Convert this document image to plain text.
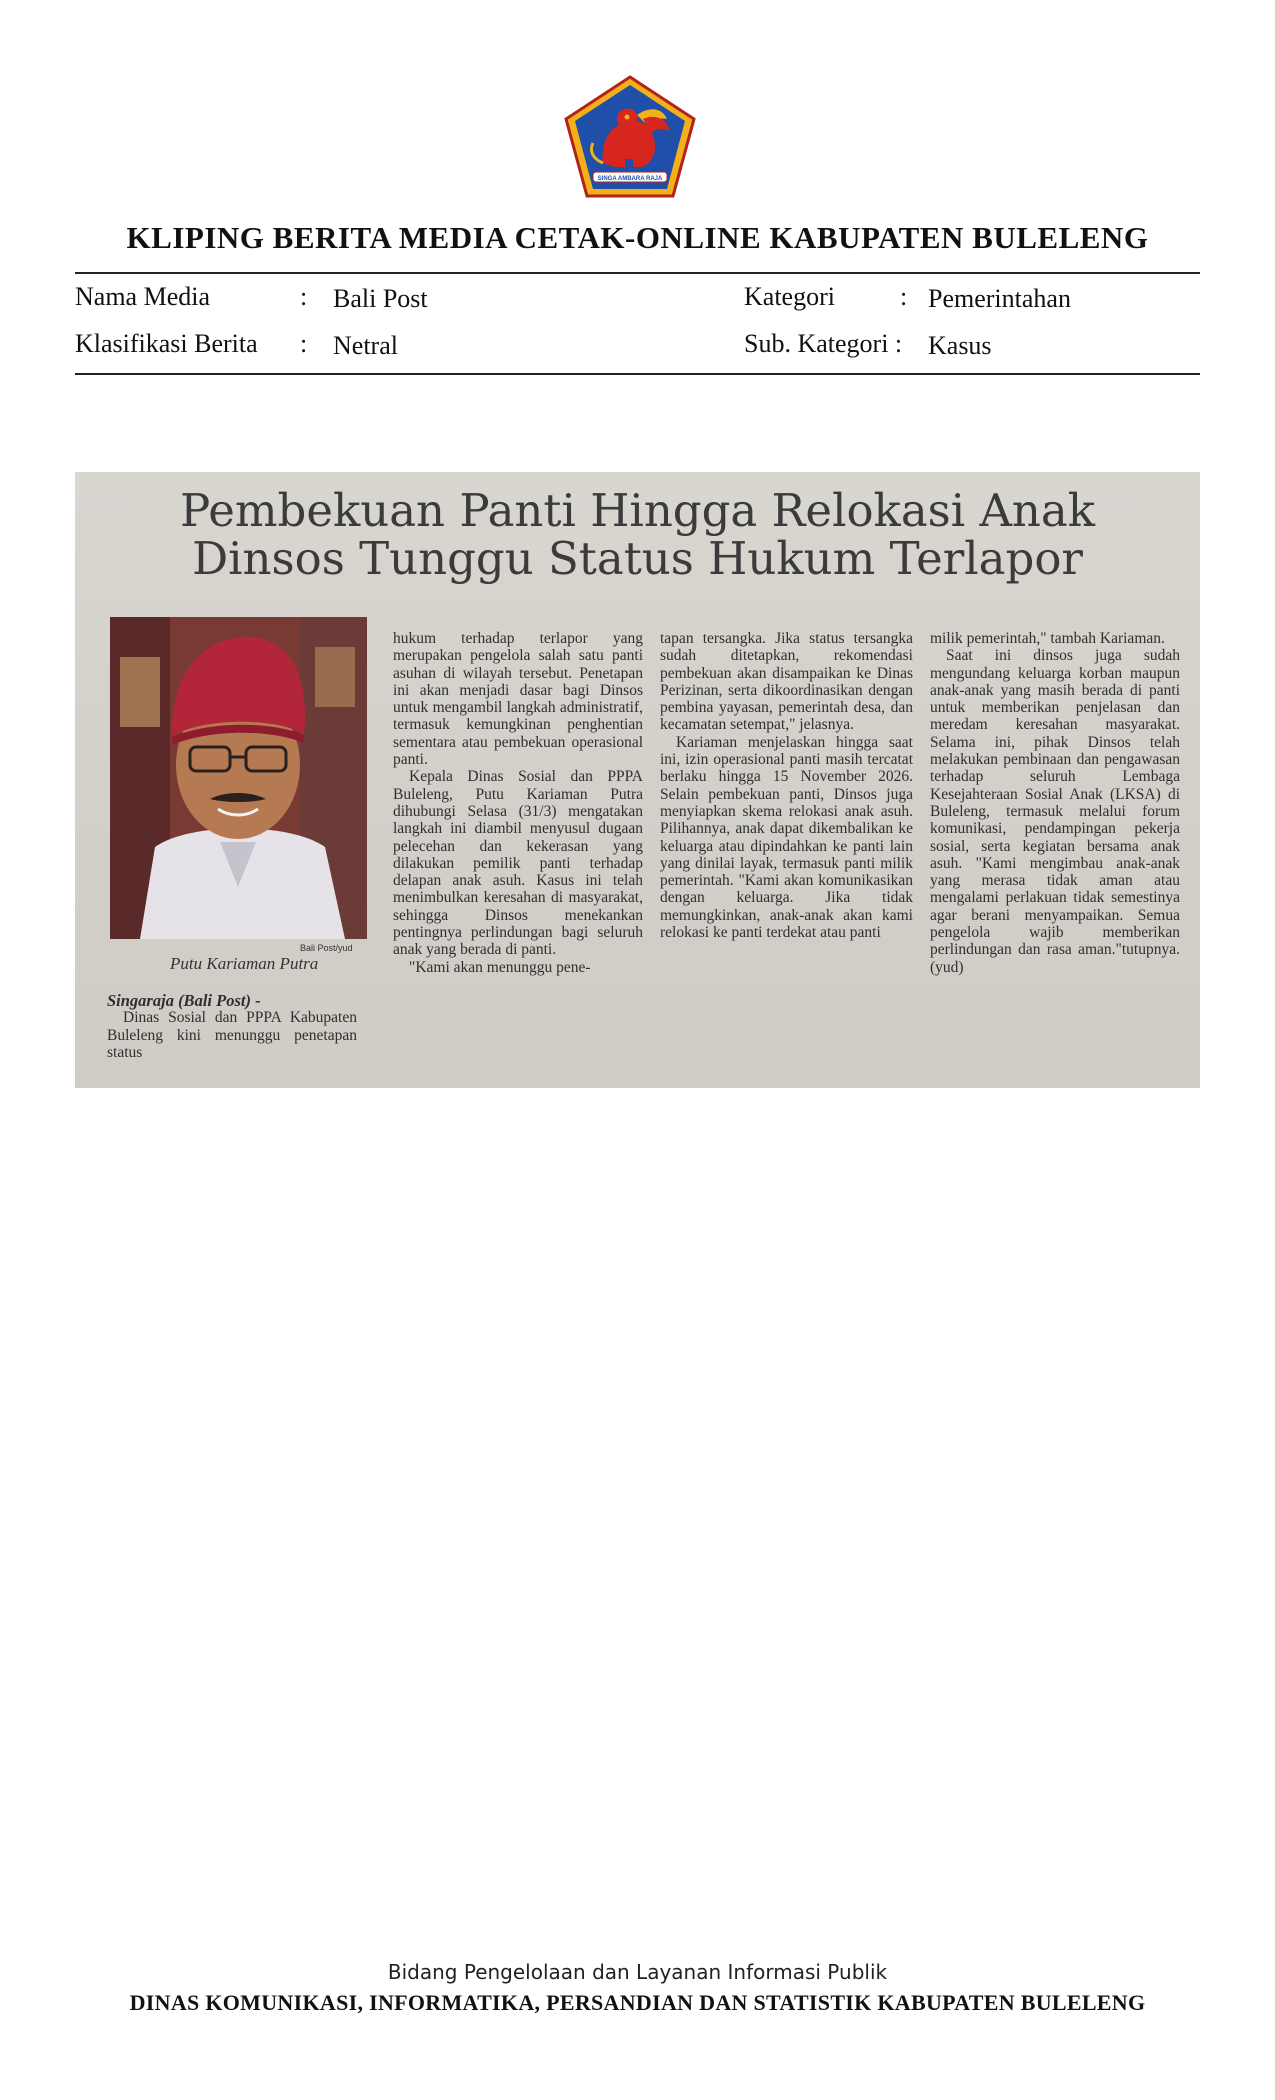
SINGA AMBARA RAJA
KLIPING BERITA MEDIA CETAK-ONLINE KABUPATEN BULELENG
Nama Media	: Bali Post
Klasifikasi Berita : Netral
Kategori	: Pemerintahan
Sub. Kategori : Kasus
Pembekuan Panti Hingga Relokasi Anak
Dinsos Tunggu Status Hukum Terlapor
Bali Post/yud
Putu Kariaman Putra

Singaraja (Bali Post) -

Dinas Sosial dan PPPA Kabupaten Buleleng kini menunggu penetapan status

hukum terhadap terlapor yang merupakan pengelola salah satu panti asuhan di wilayah tersebut. Penetapan ini akan menjadi dasar bagi Dinsos untuk mengambil langkah administratif, termasuk kemungkinan penghentian sementara atau pembekuan operasional panti.

Kepala Dinas Sosial dan PPPA Buleleng, Putu Kariaman Putra dihubungi Selasa (31/3) mengatakan langkah ini diambil menyusul dugaan pelecehan dan kekerasan yang dilakukan pemilik panti terhadap delapan anak asuh. Kasus ini telah menimbulkan keresahan di masyarakat, sehingga Dinsos menekankan pentingnya perlindungan bagi seluruh anak yang berada di panti.

"Kami akan menunggu pene-

tapan tersangka. Jika status tersangka sudah ditetapkan, rekomendasi pembekuan akan disampaikan ke Dinas Perizinan, serta dikoordinasikan dengan pembina yayasan, pemerintah desa, dan kecamatan setempat," jelasnya.

Kariaman menjelaskan hingga saat ini, izin operasional panti masih tercatat berlaku hingga 15 November 2026. Selain pembekuan panti, Dinsos juga menyiapkan skema relokasi anak asuh. Pilihannya, anak dapat dikembalikan ke keluarga atau dipindahkan ke panti lain yang dinilai layak, termasuk panti milik pemerintah. "Kami akan komunikasikan dengan keluarga. Jika tidak memungkinkan, anak-anak akan kami relokasi ke panti terdekat atau panti

milik pemerintah," tambah Kariaman.

Saat ini dinsos juga sudah mengundang keluarga korban maupun anak-anak yang masih berada di panti untuk memberikan penjelasan dan meredam keresahan masyarakat. Selama ini, pihak Dinsos telah melakukan pembinaan dan pengawasan terhadap seluruh Lembaga Kesejahteraan Sosial Anak (LKSA) di Buleleng, termasuk melalui forum komunikasi, pendampingan pekerja sosial, serta kegiatan bersama anak asuh. "Kami mengimbau anak-anak yang merasa tidak aman atau mengalami perlakuan tidak semestinya agar berani menyampaikan. Semua pengelola wajib memberikan perlindungan dan rasa aman."tutupnya. (yud)

Bidang Pengelolaan dan Layanan Informasi Publik
DINAS KOMUNIKASI, INFORMATIKA, PERSANDIAN DAN STATISTIK KABUPATEN BULELENG
